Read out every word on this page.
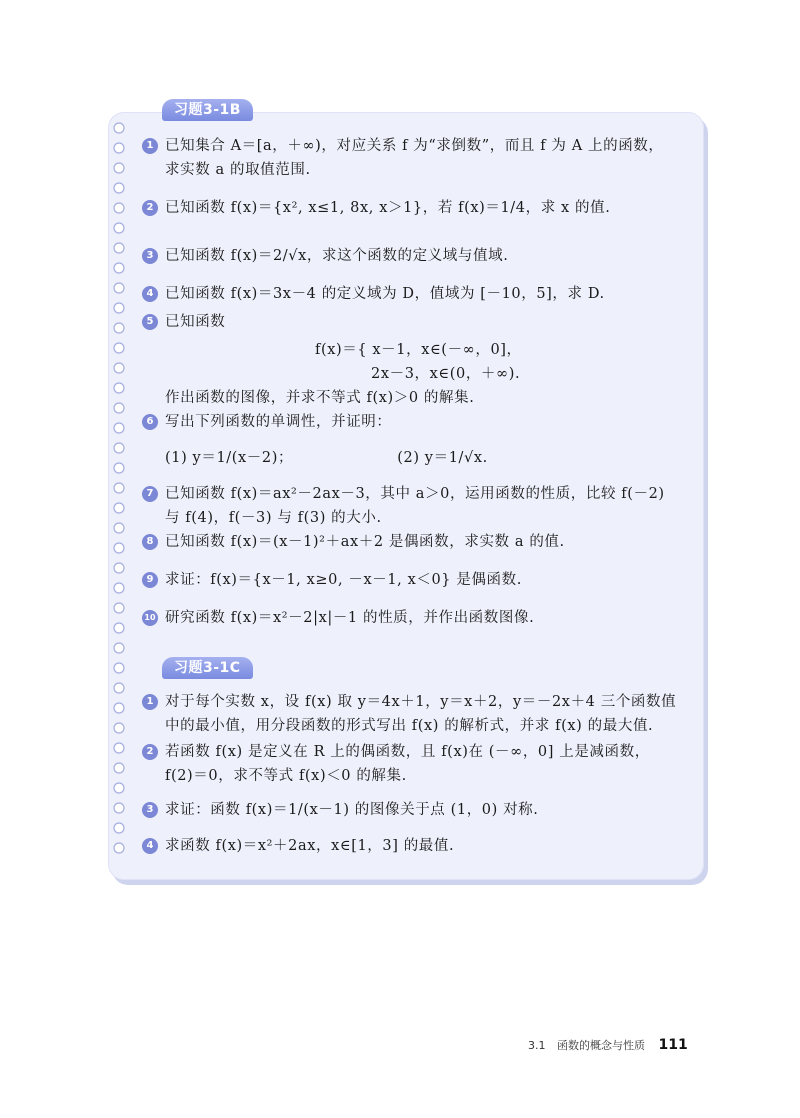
习题3-1B
习题3-1C
1 已知集合 A＝[a，＋∞)，对应关系 f 为“求倒数”，而且 f 为 A 上的函数，
求实数 a 的取值范围.
2 已知函数 f(x)＝{x², x≤1, 8x, x＞1}，若 f(x)＝1/4，求 x 的值.
3 已知函数 f(x)＝2/√x，求这个函数的定义域与值域.
4 已知函数 f(x)＝3x－4 的定义域为 D，值域为 [－10，5]，求 D.
5 已知函数
f(x)＝{ x－1，x∈(－∞，0]，
2x－3，x∈(0，＋∞).
作出函数的图像，并求不等式 f(x)＞0 的解集.
6 写出下列函数的单调性，并证明：
(1) y＝1/(x－2)；                    (2) y＝1/√x.
7 已知函数 f(x)＝ax²－2ax－3，其中 a＞0，运用函数的性质，比较 f(－2)
与 f(4)，f(－3) 与 f(3) 的大小.
8 已知函数 f(x)＝(x－1)²＋ax＋2 是偶函数，求实数 a 的值.
9 求证：f(x)＝{x－1, x≥0, －x－1, x＜0} 是偶函数.
10 研究函数 f(x)＝x²－2|x|－1 的性质，并作出函数图像.
1 对于每个实数 x，设 f(x) 取 y＝4x＋1，y＝x＋2，y＝－2x＋4 三个函数值
中的最小值，用分段函数的形式写出 f(x) 的解析式，并求 f(x) 的最大值.
2 若函数 f(x) 是定义在 R 上的偶函数，且 f(x)在 (－∞，0] 上是减函数，
f(2)＝0，求不等式 f(x)＜0 的解集.
3 求证：函数 f(x)＝1/(x－1) 的图像关于点 (1，0) 对称.
4 求函数 f(x)＝x²＋2ax，x∈[1，3] 的最值.
3.1 函数的概念与性质 111
